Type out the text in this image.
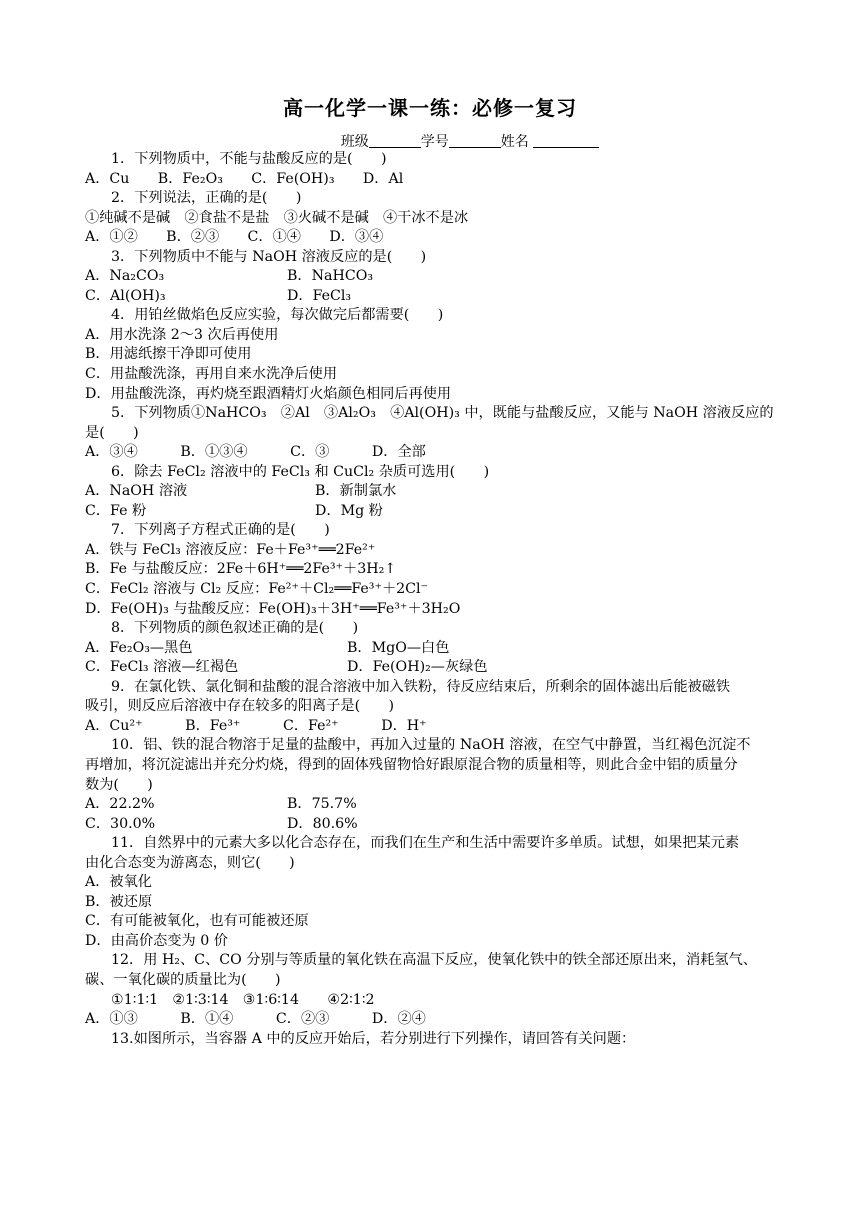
高一化学一课一练：必修一复习
班级	学号	姓名
1．下列物质中，不能与盐酸反应的是(　　)
A．Cu　　B．Fe₂O₃　　C．Fe(OH)₃　　D．Al
2．下列说法，正确的是(　　)
①纯碱不是碱　②食盐不是盐　③火碱不是碱　④干冰不是冰
A．①②　　B．②③　　C．①④　　D．③④
3．下列物质中不能与 NaOH 溶液反应的是(　　)
A．Na₂CO₃	B．NaHCO₃
C．Al(OH)₃	D．FeCl₃
4．用铂丝做焰色反应实验，每次做完后都需要(　　)
A．用水洗涤 2～3 次后再使用
B．用滤纸擦干净即可使用
C．用盐酸洗涤，再用自来水洗净后使用
D．用盐酸洗涤，再灼烧至跟酒精灯火焰颜色相同后再使用
5．下列物质①NaHCO₃　②Al　③Al₂O₃　④Al(OH)₃ 中，既能与盐酸反应，又能与 NaOH 溶液反应的
是(　　)
A．③④　　　B．①③④　　　C．③　　　D．全部
6．除去 FeCl₂ 溶液中的 FeCl₃ 和 CuCl₂ 杂质可选用(　　)
A．NaOH 溶液	B．新制氯水
C．Fe 粉	D．Mg 粉
7．下列离子方程式正确的是(　　)
A．铁与 FeCl₃ 溶液反应：Fe＋Fe³⁺══2Fe²⁺
B．Fe 与盐酸反应：2Fe＋6H⁺══2Fe³⁺＋3H₂↑
C．FeCl₂ 溶液与 Cl₂ 反应：Fe²⁺＋Cl₂══Fe³⁺＋2Cl⁻
D．Fe(OH)₃ 与盐酸反应：Fe(OH)₃＋3H⁺══Fe³⁺＋3H₂O
8．下列物质的颜色叙述正确的是(　　)
A．Fe₂O₃—黑色	B．MgO—白色
C．FeCl₃ 溶液—红褐色	D．Fe(OH)₂—灰绿色
9．在氯化铁、氯化铜和盐酸的混合溶液中加入铁粉，待反应结束后，所剩余的固体滤出后能被磁铁
吸引，则反应后溶液中存在较多的阳离子是(　　)
A．Cu²⁺　　　B．Fe³⁺　　　C．Fe²⁺　　　D．H⁺
10．铝、铁的混合物溶于足量的盐酸中，再加入过量的 NaOH 溶液，在空气中静置，当红褐色沉淀不
再增加，将沉淀滤出并充分灼烧，得到的固体残留物恰好跟原混合物的质量相等，则此合金中铝的质量分
数为(　　)
A．22.2%	B．75.7%
C．30.0%	D．80.6%
11．自然界中的元素大多以化合态存在，而我们在生产和生活中需要许多单质。试想，如果把某元素
由化合态变为游离态，则它(　　)
A．被氧化
B．被还原
C．有可能被氧化，也有可能被还原
D．由高价态变为 0 价
12．用 H₂、C、CO 分别与等质量的氧化铁在高温下反应，使氧化铁中的铁全部还原出来，消耗氢气、
碳、一氧化碳的质量比为(　　)
①1∶1∶1　②1∶3∶14　③1∶6∶14　　④2∶1∶2
A．①③　　　B．①④　　　C．②③　　　D．②④
13.如图所示，当容器 A 中的反应开始后，若分别进行下列操作，请回答有关问题：
